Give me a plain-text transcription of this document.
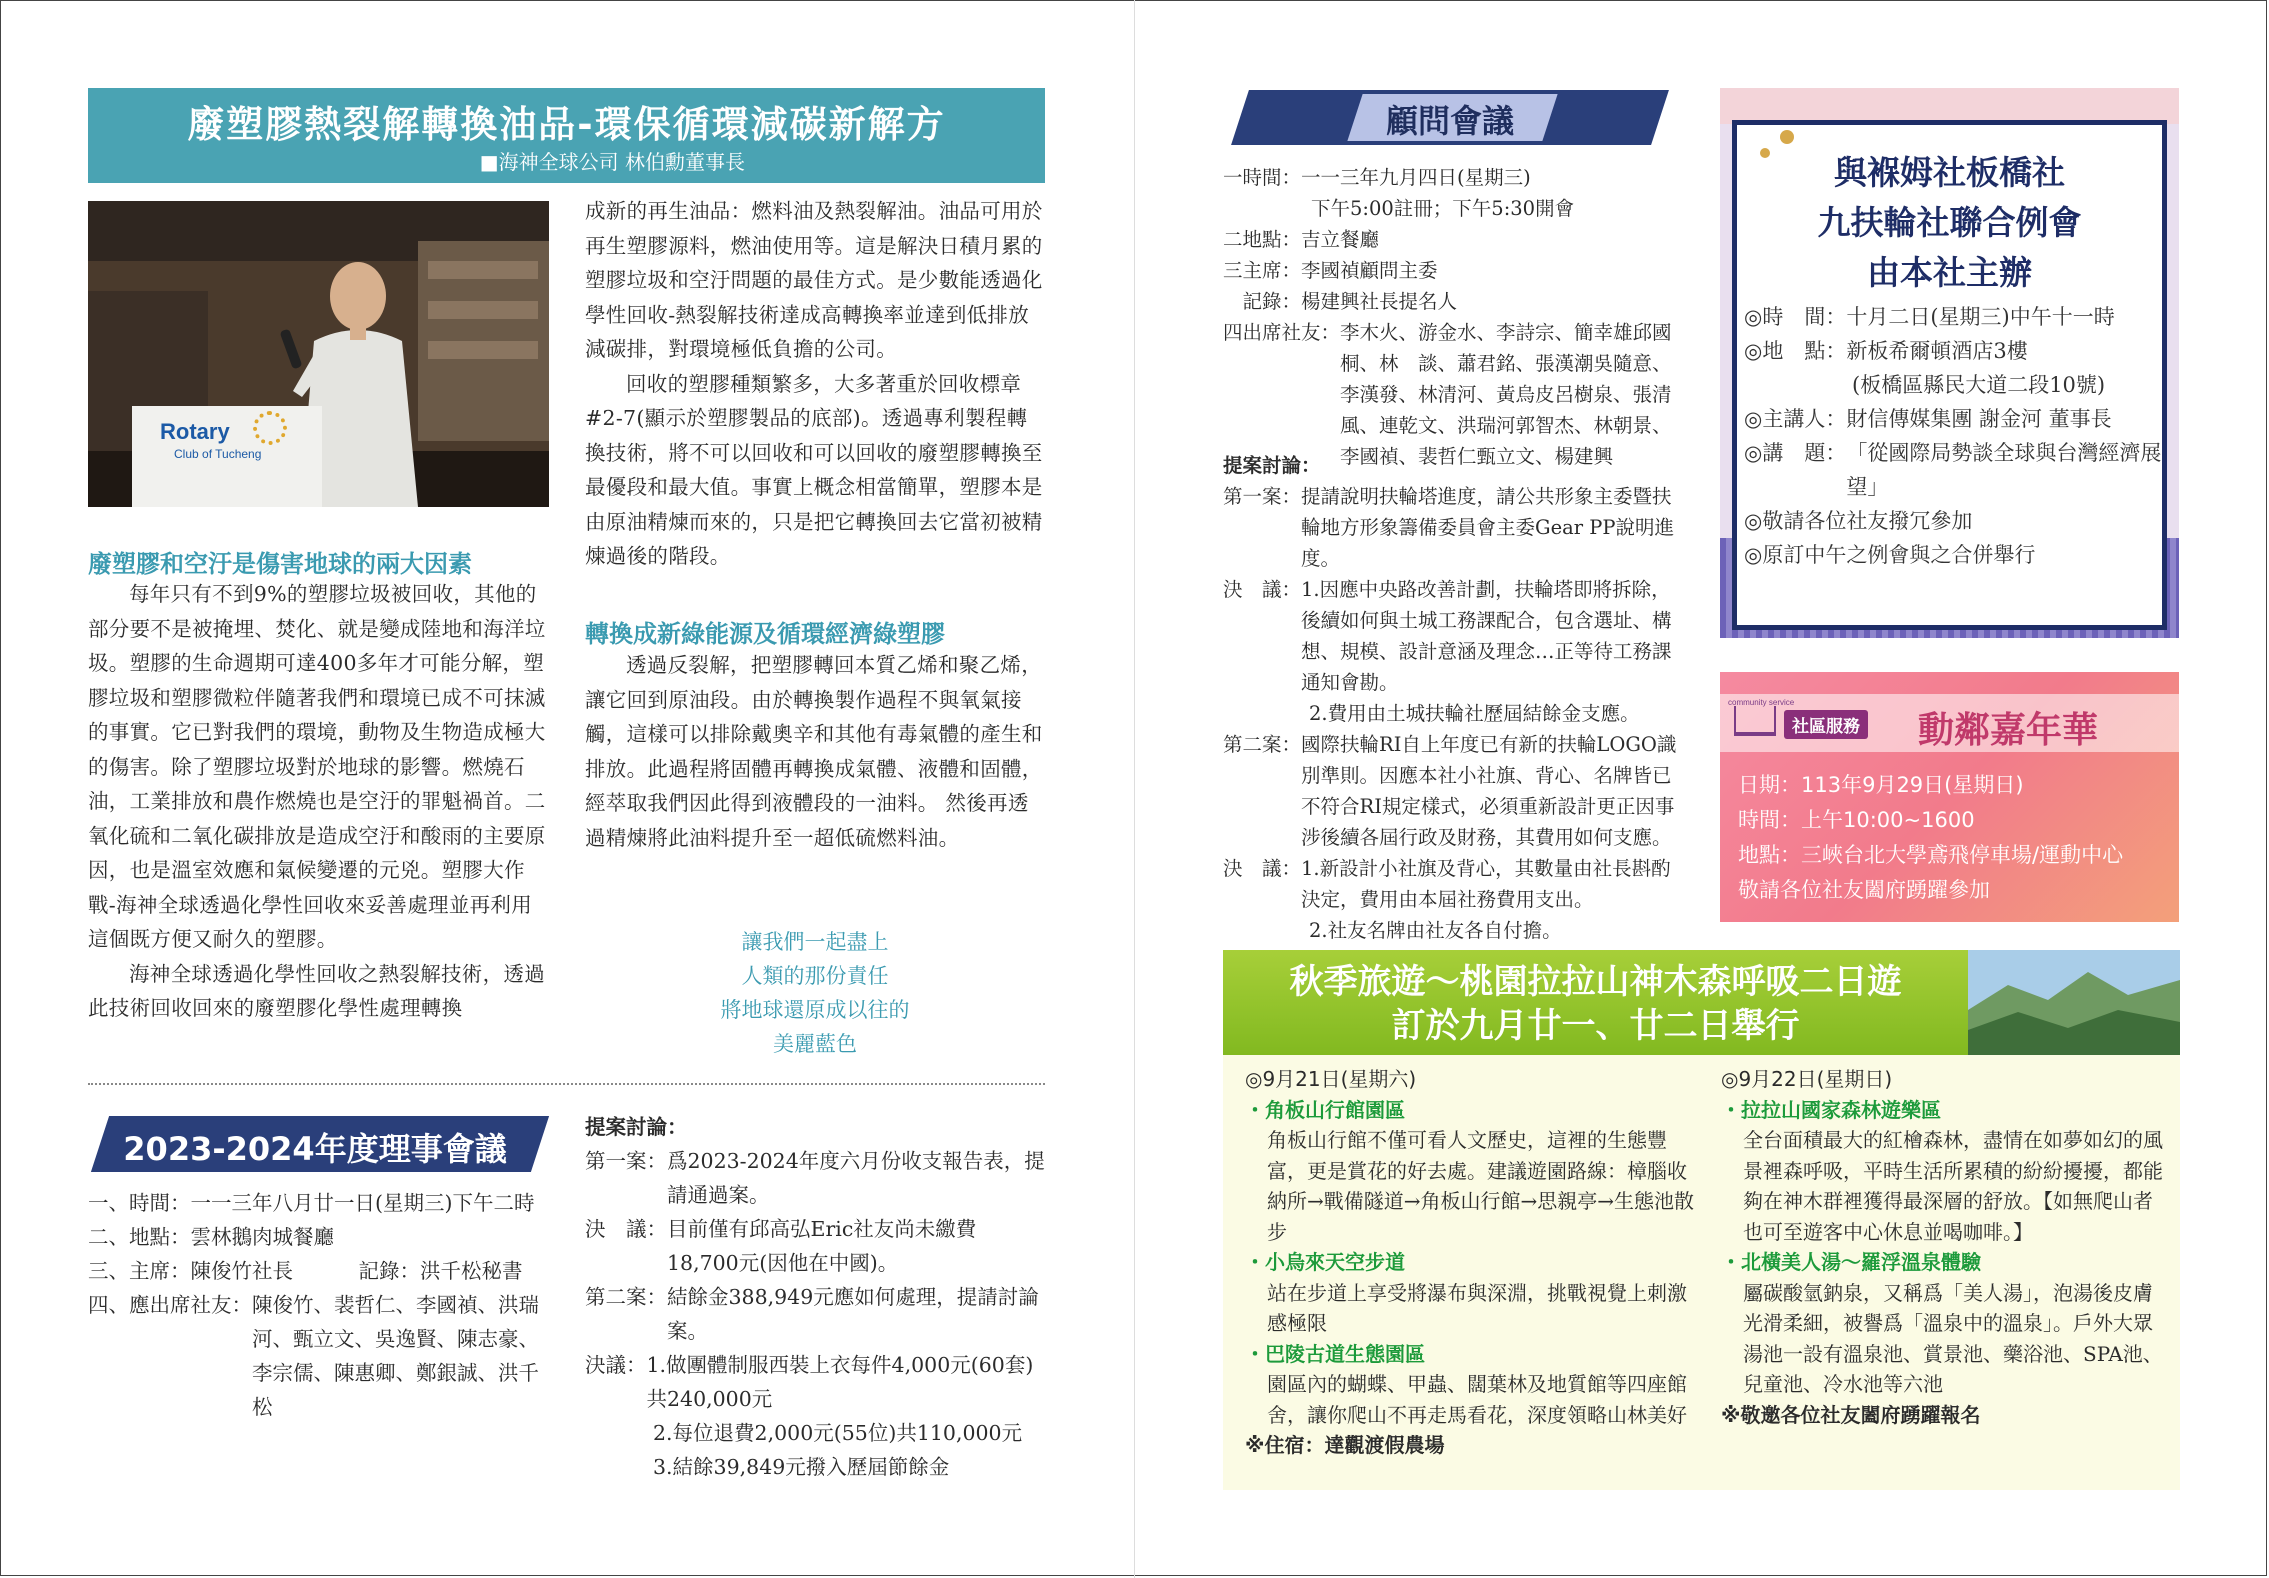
廢塑膠熱裂解轉換油品-環保循環減碳新解方
■海神全球公司 林伯勳董事長
Rotary
Club of Tucheng
廢塑膠和空汙是傷害地球的兩大因素

每年只有不到9%的塑膠垃圾被回收，其他的部分要不是被掩埋、焚化、就是變成陸地和海洋垃圾。塑膠的生命週期可達400多年才可能分解，塑膠垃圾和塑膠微粒伴隨著我們和環境已成不可抹滅的事實。它已對我們的環境，動物及生物造成極大的傷害。除了塑膠垃圾對於地球的影響。燃燒石油，工業排放和農作燃燒也是空汙的罪魁禍首。二氧化硫和二氧化碳排放是造成空汙和酸雨的主要原因，也是溫室效應和氣候變遷的元兇。塑膠大作戰-海神全球透過化學性回收來妥善處理並再利用這個既方便又耐久的塑膠。

海神全球透過化學性回收之熱裂解技術，透過此技術回收回來的廢塑膠化學性處理轉換

成新的再生油品：燃料油及熱裂解油。油品可用於再生塑膠源料，燃油使用等。這是解決日積月累的塑膠垃圾和空汙問題的最佳方式。是少數能透過化學性回收-熱裂解技術達成高轉換率並達到低排放減碳排，對環境極低負擔的公司。

回收的塑膠種類繁多，大多著重於回收標章#2-7(顯示於塑膠製品的底部)。透過專利製程轉換技術，將不可以回收和可以回收的廢塑膠轉換至最優段和最大值。事實上概念相當簡單，塑膠本是由原油精煉而來的，只是把它轉換回去它當初被精煉過後的階段。

轉換成新綠能源及循環經濟綠塑膠

透過反裂解，把塑膠轉回本質乙烯和聚乙烯，讓它回到原油段。由於轉換製作過程不與氧氣接觸，這樣可以排除戴奧辛和其他有毒氣體的產生和排放。此過程將固體再轉換成氣體、液體和固體，經萃取我們因此得到液體段的一油料。 然後再透過精煉將此油料提升至一超低硫燃料油。

讓我們一起盡上
人類的那份責任
將地球還原成以往的
美麗藍色
2023-2024年度理事會議
一、時間： 一一三年八月廿一日(星期三)下午二時
二、地點： 雲林鵝肉城餐廳
三、主席： 陳俊竹社長	記錄： 洪千松秘書
四、應出席社友： 陳俊竹、裴哲仁、李國禎、洪瑞河、甄立文、吳逸賢、陳志豪、李宗儒、陳惠卿、鄭銀誠、洪千松
提案討論：
第一案： 爲2023-2024年度六月份收支報告表，提請通過案。
決　議： 目前僅有邱高弘Eric社友尚未繳費18,700元(因他在中國)。
第二案： 結餘金388,949元應如何處理，提請討論案。
決議： 1.做團體制服西裝上衣每件4,000元(60套)共240,000元
2.每位退費2,000元(55位)共110,000元
3.結餘39,849元撥入歷屆節餘金
顧問會議
一時間： 一一三年九月四日(星期三)
下午5:00註冊；下午5:30開會
二地點： 吉立餐廳
三主席： 李國禎顧問主委
　記錄： 楊建興社長提名人
四出席社友： 李木火、游金水、李詩宗、簡幸雄邱國桐、林　談、蕭君銘、張漢潮吳隨意、李漢發、林清河、黃烏皮呂樹泉、張清風、連乾文、洪瑞河郭智杰、林朝景、李國禎、裴哲仁甄立文、楊建興
提案討論：
第一案： 提請說明扶輪塔進度，請公共形象主委暨扶輪地方形象籌備委員會主委Gear PP說明進度。
決　議： 1.因應中央路改善計劃，扶輪塔即將拆除，後續如何與土城工務課配合，包含選址、構想、規模、設計意涵及理念…正等待工務課通知會勘。
2.費用由土城扶輪社歷屆結餘金支應。
第二案： 國際扶輪RI自上年度已有新的扶輪LOGO識別準則。因應本社小社旗、背心、名牌皆已不符合RI規定樣式，必須重新設計更正因事涉後續各屆行政及財務，其費用如何支應。
決　議： 1.新設計小社旗及背心，其數量由社長斟酌決定，費用由本屆社務費用支出。
2.社友名牌由社友各自付擔。
與褓姆社板橋社
九扶輪社聯合例會
由本社主辦
◎時　間： 十月二日(星期三)中午十一時
◎地　點： 新板希爾頓酒店3樓
(板橋區縣民大道二段10號)
◎主講人： 財信傳媒集團 謝金河 董事長
◎講　題： 「從國際局勢談全球與台灣經濟展望」
◎ 敬請各位社友撥冗參加
◎ 原訂中午之例會與之合併舉行
community service
社區服務 動鄰嘉年華
日期：113年9月29日(星期日)
時間：上午10:00~1600
地點：三峽台北大學鳶飛停車場/運動中心
敬請各位社友闔府踴躍參加
秋季旅遊～桃園拉拉山神木森呼吸二日遊
訂於九月廿一、廿二日舉行
◎9月21日(星期六)
・角板山行館園區
角板山行館不僅可看人文歷史，這裡的生態豐富，更是賞花的好去處。建議遊園路線：樟腦收納所→戰備隧道→角板山行館→思親亭→生態池散步
・小烏來天空步道
站在步道上享受將瀑布與深淵，挑戰視覺上刺激感極限
・巴陵古道生態園區
園區內的蝴蝶、甲蟲、闊葉林及地質館等四座館舍，讓你爬山不再走馬看花，深度領略山林美好
※住宿：達觀渡假農場
◎9月22日(星期日)
・拉拉山國家森林遊樂區
全台面積最大的紅檜森林，盡情在如夢如幻的風景裡森呼吸，平時生活所累積的紛紛擾擾，都能夠在神木群裡獲得最深層的舒放。【如無爬山者也可至遊客中心休息並喝咖啡。】
・北橫美人湯～羅浮溫泉體驗
屬碳酸氫鈉泉，又稱爲「美人湯」，泡湯後皮膚光滑柔細，被譽爲「溫泉中的溫泉」。戶外大眾湯池一設有溫泉池、賞景池、藥浴池、SPA池、兒童池、冷水池等六池
※敬邀各位社友闔府踴躍報名
